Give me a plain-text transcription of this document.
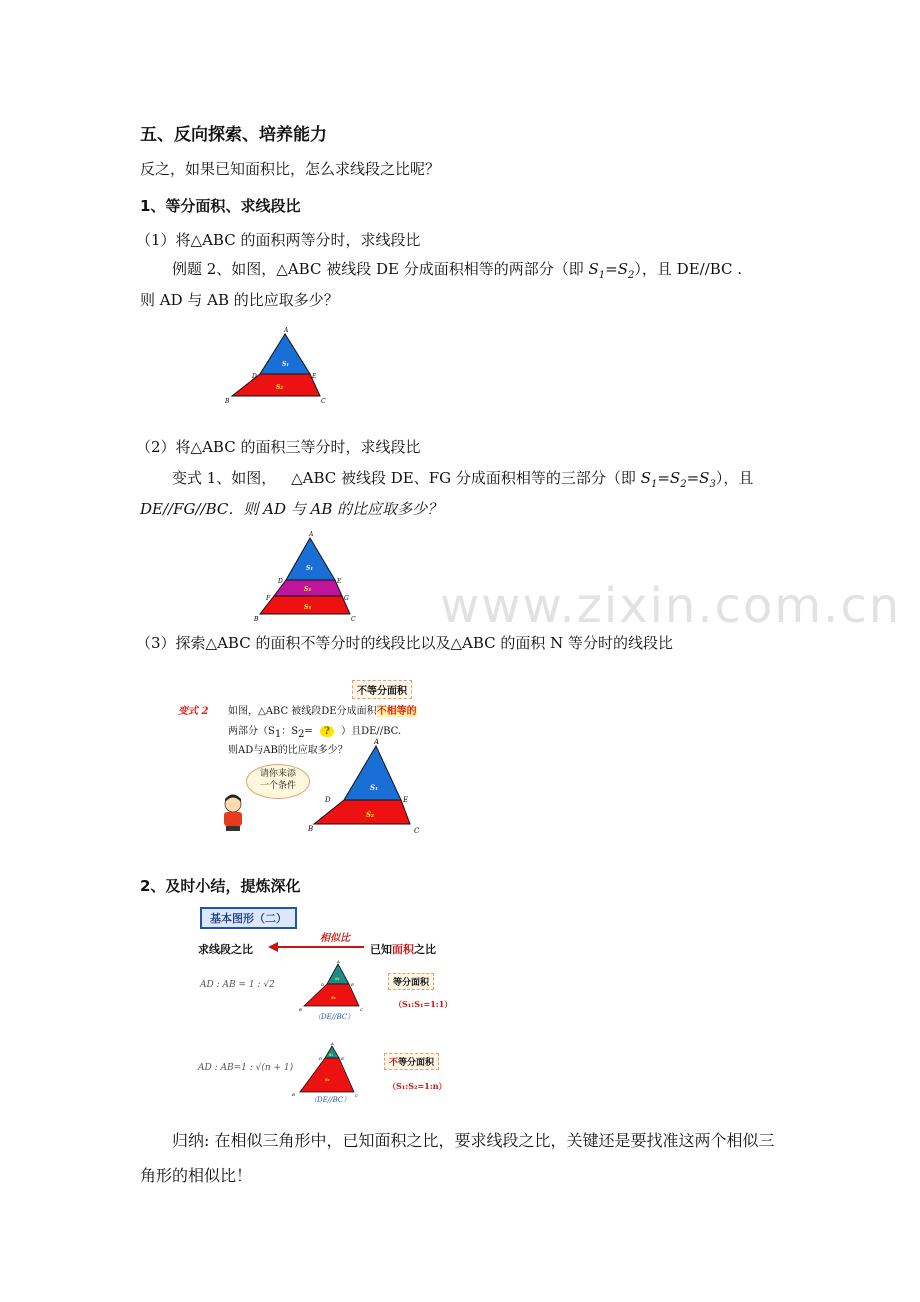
www.zixin.com.cn
五、反向探索、培养能力
反之，如果已知面积比，怎么求线段之比呢？
1、等分面积、求线段比
（1）将△ABC 的面积两等分时，求线段比
例题 2、如图，△ABC 被线段 DE 分成面积相等的两部分（即 $S_1=S_2$），且 DE//BC .
则 AD 与 AB 的比应取多少？
A
D	E
B	C
S₁
S₂
（2）将△ABC 的面积三等分时，求线段比
变式 1、如图， △ABC 被线段 DE、FG 分成面积相等的三部分（即 $S_1=S_2=S_3$），且
DE//FG//BC．则 AD 与 AB 的比应取多少？
A
D	E
F	G
B	C
S₁
S₂
S₃
（3）探索△ABC 的面积不等分时的线段比以及△ABC 的面积 N 等分时的线段比
不等分面积
变式 2 如图，△ABC 被线段DE分成面积不相等的
两部分（$S_1$：$S_2=$ ? ）且DE//BC.
则AD与AB的比应取多少？
请你来添
一个条件
A
D	E
B	C
S₁
S₂
2、及时小结，提炼深化
基本图形（二）
相似比
求线段之比	已知面积之比
AD : AB = 1 : √2
A
D	E
B	C
S₁
S₂
（DE//BC）
等分面积
（S₁:S₁=1:1）
AD : AB=1 : √(n + 1)
A
D	E
B	C
S₁
S₂
（DE//BC）
不等分面积
（S₁:S₂=1:n）
归纳: 在相似三角形中，已知面积之比，要求线段之比，关键还是要找准这两个相似三
角形的相似比！
